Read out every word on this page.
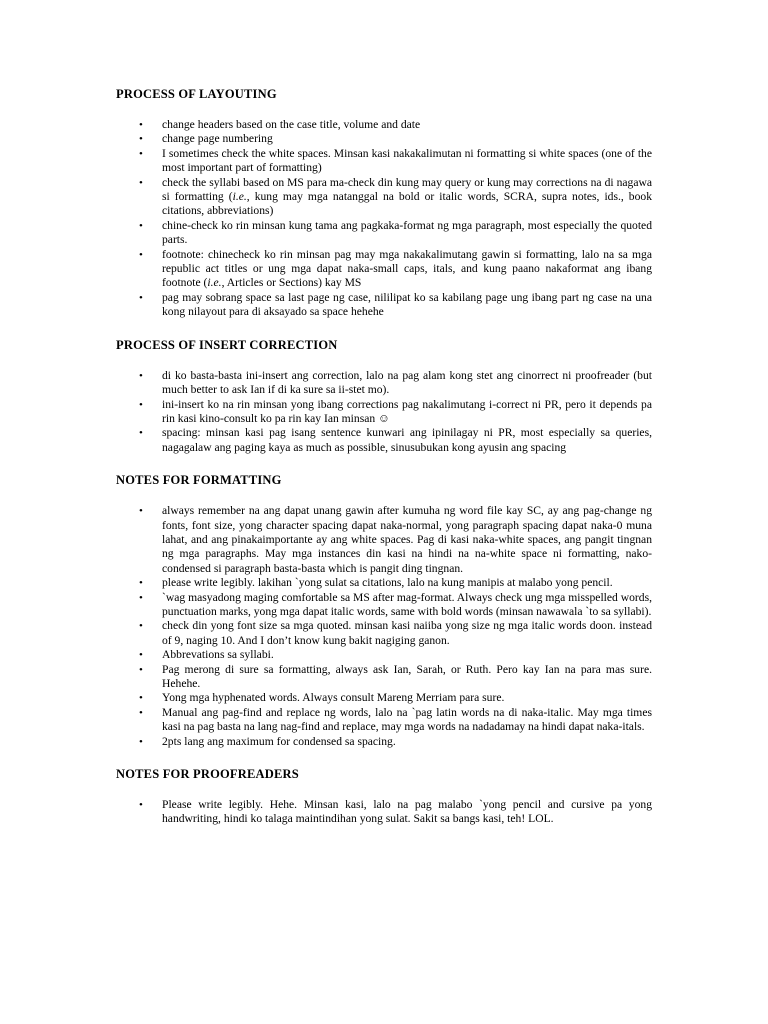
PROCESS OF LAYOUTING
• change headers based on the case title, volume and date
• change page numbering
• I sometimes check the white spaces. Minsan kasi nakakalimutan ni formatting si white spaces (one of the most important part of formatting)
• check the syllabi based on MS para ma-check din kung may query or kung may corrections na di nagawa si formatting (i.e., kung may mga natanggal na bold or italic words, SCRA, supra notes, ids., book citations, abbreviations)
• chine-check ko rin minsan kung tama ang pagkaka-format ng mga paragraph, most especially the quoted parts.
• footnote: chinecheck ko rin minsan pag may mga nakakalimutang gawin si formatting, lalo na sa mga republic act titles or ung mga dapat naka-small caps, itals, and kung paano nakaformat ang ibang footnote (i.e., Articles or Sections) kay MS
• pag may sobrang space sa last page ng case, nililipat ko sa kabilang page ung ibang part ng case na una kong nilayout para di aksayado sa space hehehe
PROCESS OF INSERT CORRECTION
• di ko basta-basta ini-insert ang correction, lalo na pag alam kong stet ang cinorrect ni proofreader (but much better to ask Ian if di ka sure sa ii-stet mo).
• ini-insert ko na rin minsan yong ibang corrections pag nakalimutang i-correct ni PR, pero it depends pa rin kasi kino-consult ko pa rin kay Ian minsan ☺
• spacing: minsan kasi pag isang sentence kunwari ang ipinilagay ni PR, most especially sa queries, nagagalaw ang paging kaya as much as possible, sinusubukan kong ayusin ang spacing
NOTES FOR FORMATTING
• always remember na ang dapat unang gawin after kumuha ng word file kay SC, ay ang pag-change ng fonts, font size, yong character spacing dapat naka-normal, yong paragraph spacing dapat naka-0 muna lahat, and ang pinakaimportante ay ang white spaces. Pag di kasi naka-white spaces, ang pangit tingnan ng mga paragraphs. May mga instances din kasi na hindi na na-white space ni formatting, nako-condensed si paragraph basta-basta which is pangit ding tingnan.
• please write legibly. lakihan `yong sulat sa citations, lalo na kung manipis at malabo yong pencil.
• `wag masyadong maging comfortable sa MS after mag-format. Always check ung mga misspelled words, punctuation marks, yong mga dapat italic words, same with bold words (minsan nawawala `to sa syllabi).
• check din yong font size sa mga quoted. minsan kasi naiiba yong size ng mga italic words doon. instead of 9, naging 10. And I don’t know kung bakit nagiging ganon.
• Abbrevations sa syllabi.
• Pag merong di sure sa formatting, always ask Ian, Sarah, or Ruth. Pero kay Ian na para mas sure. Hehehe.
• Yong mga hyphenated words. Always consult Mareng Merriam para sure.
• Manual ang pag-find and replace ng words, lalo na `pag latin words na di naka-italic. May mga times kasi na pag basta na lang nag-find and replace, may mga words na nadadamay na hindi dapat naka-itals.
• 2pts lang ang maximum for condensed sa spacing.
NOTES FOR PROOFREADERS
• Please write legibly. Hehe. Minsan kasi, lalo na pag malabo `yong pencil and cursive pa yong handwriting, hindi ko talaga maintindihan yong sulat. Sakit sa bangs kasi, teh! LOL.
